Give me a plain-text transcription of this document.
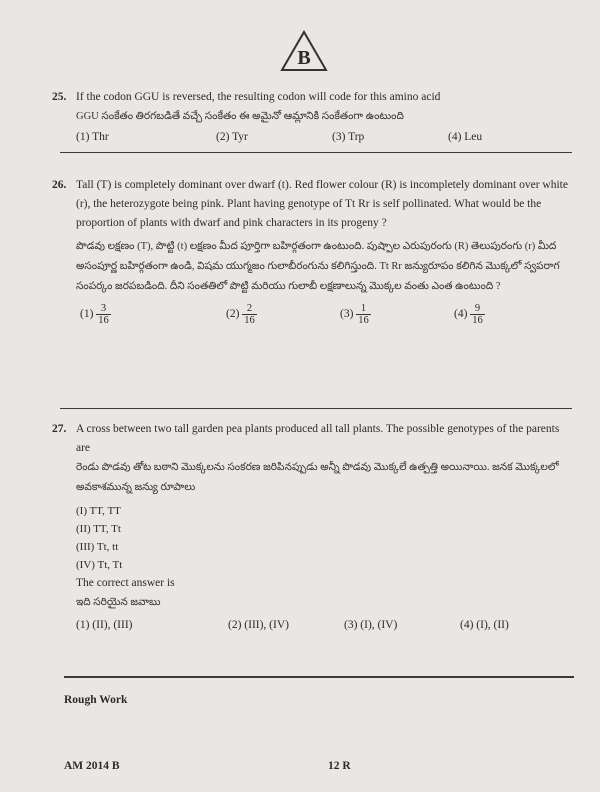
B
25. If the codon GGU is reversed, the resulting codon will code for this amino acid
GGU సంకేతం తిరగబడితే వచ్చే సంకేతం ఈ అమైనో ఆమ్లానికి సంకేతంగా ఉంటుంది
(1) Thr	(2) Tyr	(3) Trp	(4) Leu
26. Tall (T) is completely dominant over dwarf (t). Red flower colour (R) is incompletely dominant over white (r), the heterozygote being pink. Plant having genotype of Tt Rr is self pollinated. What would be the proportion of plants with dwarf and pink characters in its progeny ?
పొడవు లక్షణం (T), పొట్టి (t) లక్షణం మీద పూర్తిగా బహిర్గతంగా ఉంటుంది. పుష్పాల ఎరుపురంగు (R) తెలుపురంగు (r) మీద అసంపూర్ణ బహిర్గతంగా ఉండి, విషమ యుగ్మజం గులాబీరంగును కలిగిస్తుంది. Tt Rr జన్యురూపం కలిగిన మొక్కలో స్వపరాగ సంపర్కం జరపబడింది. దీని సంతతిలో పొట్టి మరియు గులాబీ లక్షణాలున్న మొక్కల వంతు ఎంత ఉంటుంది ?
$(1) \frac{3}{16}$	$(2) \frac{2}{16}$	$(3) \frac{1}{16}$	$(4) \frac{9}{16}$
27. A cross between two tall garden pea plants produced all tall plants. The possible genotypes of the parents are
రెండు పొడవు తోట బఠాని మొక్కలను సంకరణ జరిపినప్పుడు అన్నీ పొడవు మొక్కలే ఉత్పత్తి అయినాయి. జనక మొక్కలలో అవకాశమున్న జన్యు రూపాలు
(I) TT, TT
(II) TT, Tt
(III) Tt, tt
(IV) Tt, Tt
The correct answer is
ఇది సరియైన జవాబు
(1) (II), (III)	(2) (III), (IV)	(3) (I), (IV)	(4) (I), (II)
Rough Work
AM 2014 B	12 R
